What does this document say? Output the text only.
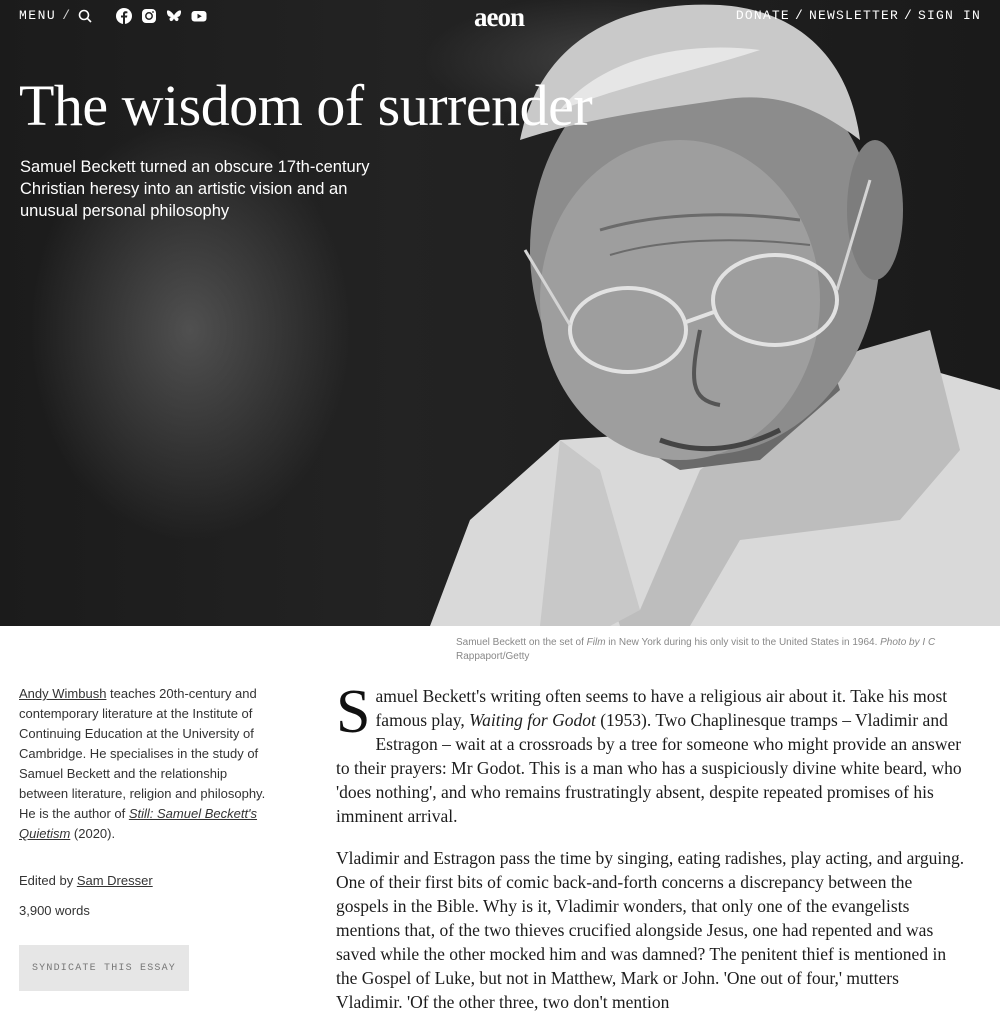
MENU /	aeon	DONATE / NEWSLETTER / SIGN IN
The wisdom of surrender

Samuel Beckett turned an obscure 17th-century Christian heresy into an artistic vision and an unusual personal philosophy

Samuel Beckett on the set of Film in New York during his only visit to the United States in 1964. Photo by I C Rappaport/Getty

Andy Wimbush teaches 20th-century and contemporary literature at the Institute of Continuing Education at the University of Cambridge. He specialises in the study of Samuel Beckett and the relationship between literature, religion and philosophy. He is the author of Still: Samuel Beckett's Quietism (2020).

Edited by Sam Dresser

3,900 words

SYNDICATE THIS ESSAY

Samuel Beckett's writing often seems to have a religious air about it. Take his most famous play, Waiting for Godot (1953). Two Chaplinesque tramps – Vladimir and Estragon – wait at a crossroads by a tree for someone who might provide an answer to their prayers: Mr Godot. This is a man who has a suspiciously divine white beard, who 'does nothing', and who remains frustratingly absent, despite repeated promises of his imminent arrival.

Vladimir and Estragon pass the time by singing, eating radishes, play acting, and arguing. One of their first bits of comic back-and-forth concerns a discrepancy between the gospels in the Bible. Why is it, Vladimir wonders, that only one of the evangelists mentions that, of the two thieves crucified alongside Jesus, one had repented and was saved while the other mocked him and was damned? The penitent thief is mentioned in the Gospel of Luke, but not in Matthew, Mark or John. 'One out of four,' mutters Vladimir. 'Of the other three, two don't mention
